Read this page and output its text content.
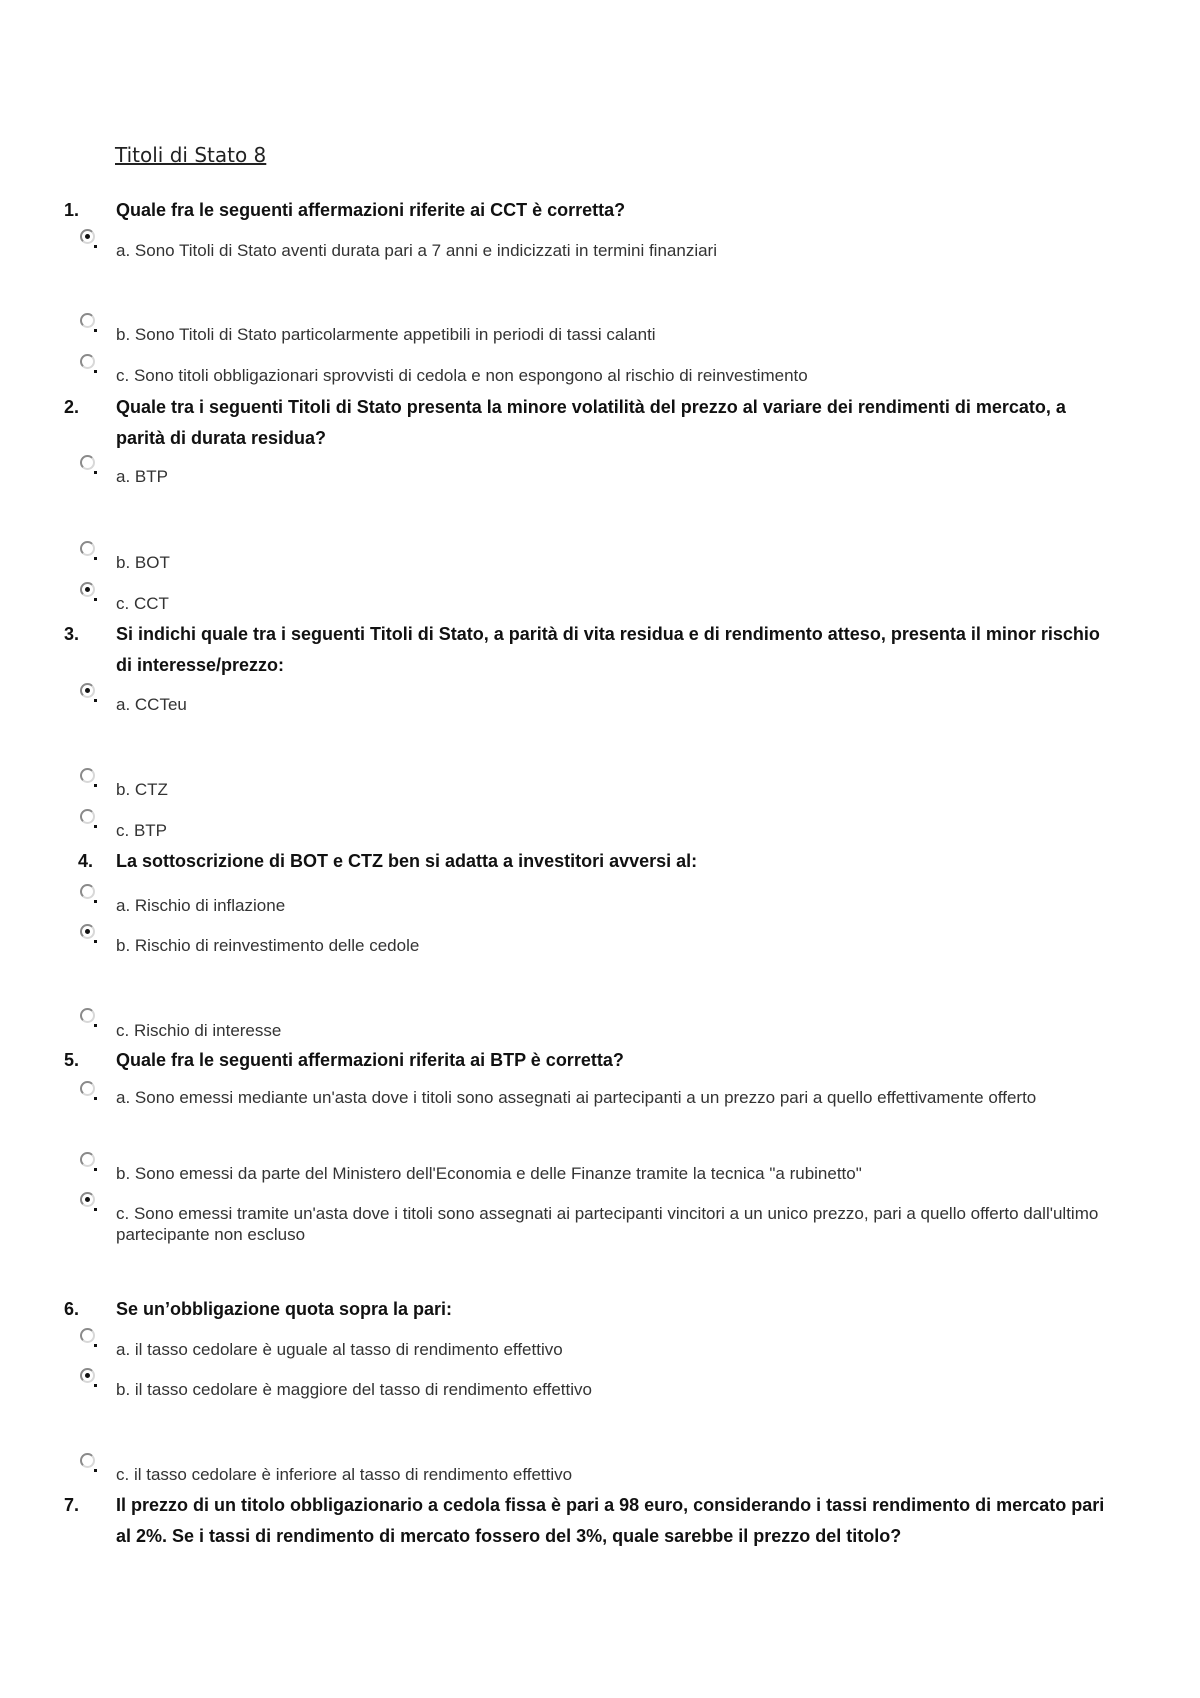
Titoli di Stato 8
1. Quale fra le seguenti affermazioni riferite ai CCT è corretta?
a. Sono Titoli di Stato aventi durata pari a 7 anni e indicizzati in termini finanziari
b. Sono Titoli di Stato particolarmente appetibili in periodi di tassi calanti
c. Sono titoli obbligazionari sprovvisti di cedola e non espongono al rischio di reinvestimento
2. Quale tra i seguenti Titoli di Stato presenta la minore volatilità del prezzo al variare dei rendimenti di mercato, a parità di durata residua?
a. BTP
b. BOT
c. CCT
3. Si indichi quale tra i seguenti Titoli di Stato, a parità di vita residua e di rendimento atteso, presenta il minor rischio di interesse/prezzo:
a. CCTeu
b. CTZ
c. BTP
4. La sottoscrizione di BOT e CTZ ben si adatta a investitori avversi al:
a. Rischio di inflazione
b. Rischio di reinvestimento delle cedole
c. Rischio di interesse
5. Quale fra le seguenti affermazioni riferita ai BTP è corretta?
a. Sono emessi mediante un'asta dove i titoli sono assegnati ai partecipanti a un prezzo pari a quello effettivamente offerto
b. Sono emessi da parte del Ministero dell'Economia e delle Finanze tramite la tecnica "a rubinetto"
c. Sono emessi tramite un'asta dove i titoli sono assegnati ai partecipanti vincitori a un unico prezzo, pari a quello offerto dall'ultimo partecipante non escluso
6. Se un’obbligazione quota sopra la pari:
a. il tasso cedolare è uguale al tasso di rendimento effettivo
b. il tasso cedolare è maggiore del tasso di rendimento effettivo
c. il tasso cedolare è inferiore al tasso di rendimento effettivo
7. Il prezzo di un titolo obbligazionario a cedola fissa è pari a 98 euro, considerando i tassi rendimento di mercato pari al 2%. Se i tassi di rendimento di mercato fossero del 3%, quale sarebbe il prezzo del titolo?
